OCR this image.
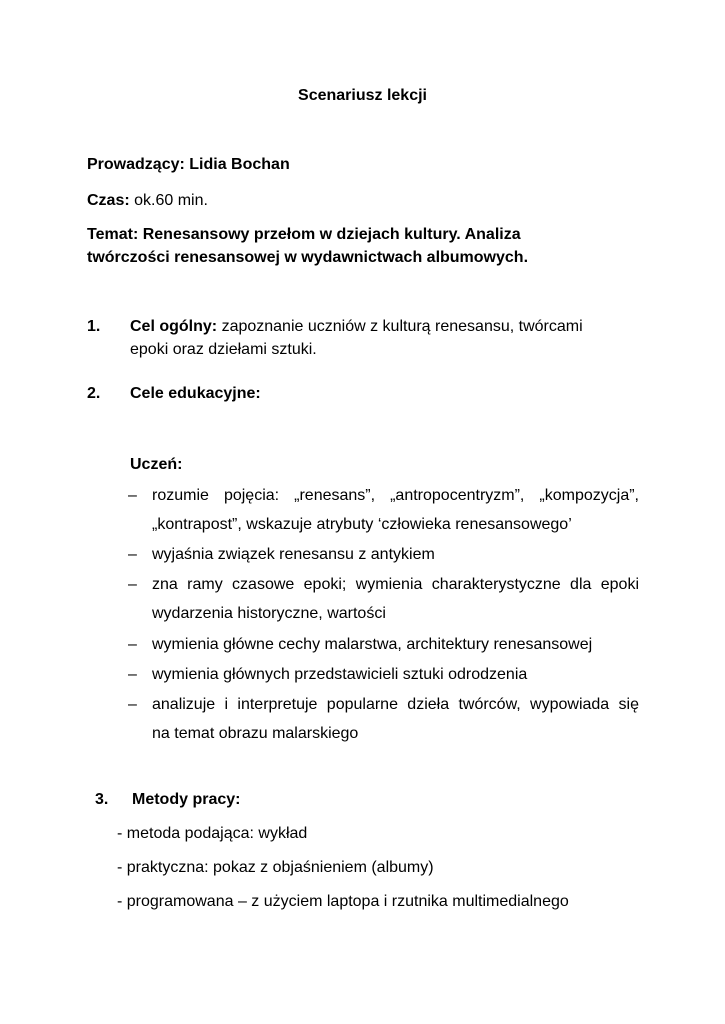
Scenariusz lekcji
Prowadzący: Lidia Bochan
Czas: ok.60 min.
Temat: Renesansowy przełom w dziejach kultury. Analiza
twórczości renesansowej w wydawnictwach albumowych.
1. Cel ogólny: zapoznanie uczniów z kulturą renesansu, twórcami
epoki oraz dziełami sztuki.
2. Cele edukacyjne:
Uczeń:
– rozumie pojęcia: „renesans”, „antropocentryzm”, „kompozycja”,
„kontrapost”, wskazuje atrybuty ‘człowieka renesansowego’
– wyjaśnia związek renesansu z antykiem
– zna ramy czasowe epoki; wymienia charakterystyczne dla epoki
wydarzenia historyczne, wartości
– wymienia główne cechy malarstwa, architektury renesansowej
– wymienia głównych przedstawicieli sztuki odrodzenia
– analizuje i interpretuje popularne dzieła twórców, wypowiada się
na temat obrazu malarskiego
3. Metody pracy:
- metoda podająca: wykład
- praktyczna: pokaz z objaśnieniem (albumy)
- programowana – z użyciem laptopa i rzutnika multimedialnego
